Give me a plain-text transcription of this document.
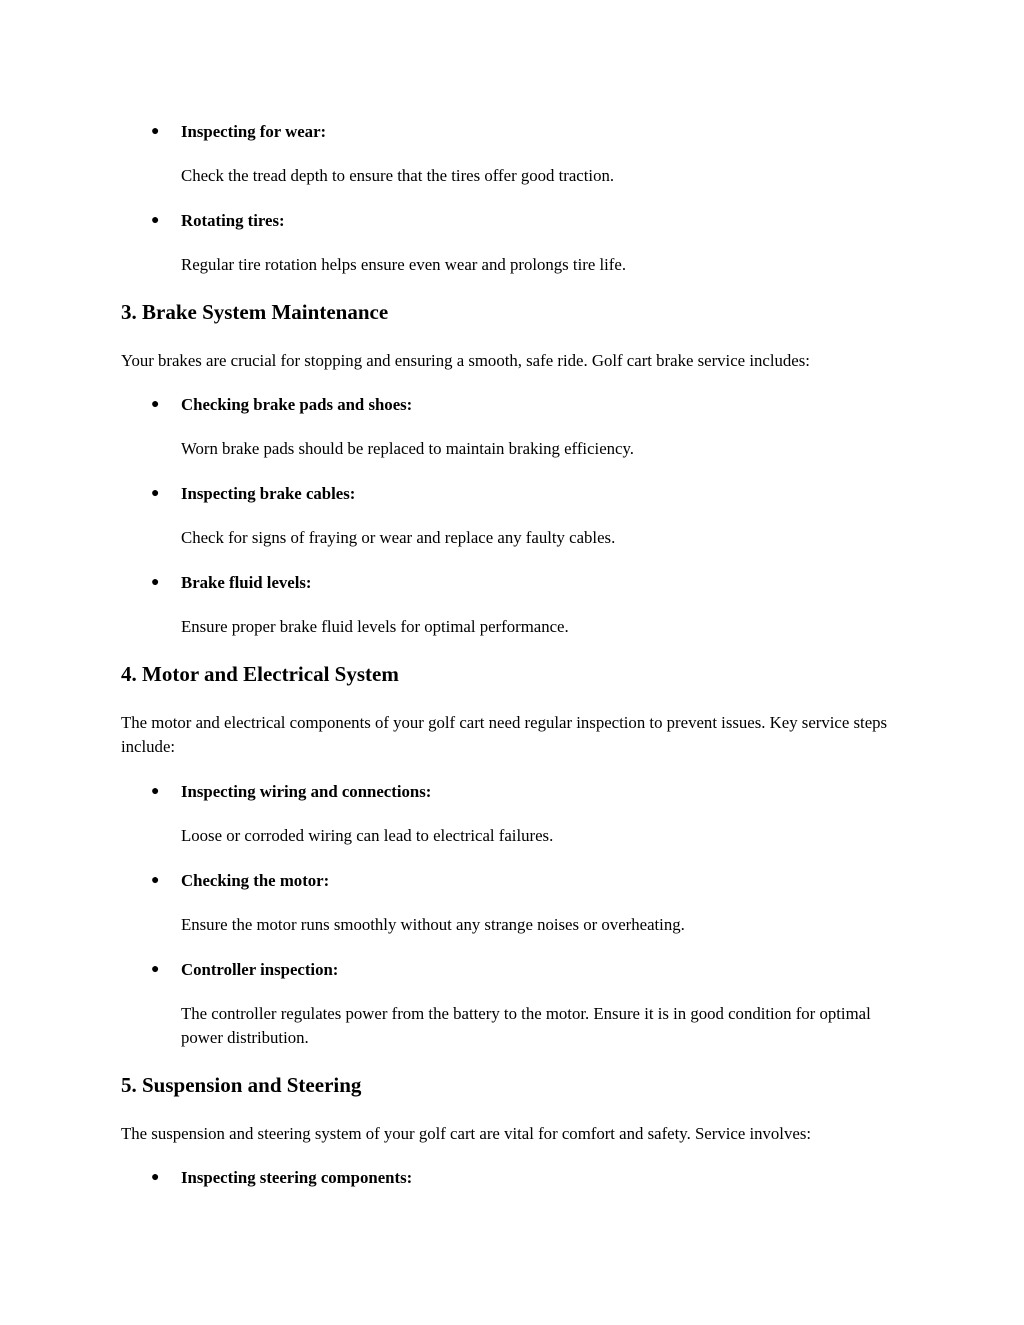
● Inspecting for wear:
Check the tread depth to ensure that the tires offer good traction.
● Rotating tires:
Regular tire rotation helps ensure even wear and prolongs tire life.
3. Brake System Maintenance

Your brakes are crucial for stopping and ensuring a smooth, safe ride. Golf cart brake service includes:

● Checking brake pads and shoes:
Worn brake pads should be replaced to maintain braking efficiency.
● Inspecting brake cables:
Check for signs of fraying or wear and replace any faulty cables.
● Brake fluid levels:
Ensure proper brake fluid levels for optimal performance.
4. Motor and Electrical System

The motor and electrical components of your golf cart need regular inspection to prevent issues. Key service steps include:

● Inspecting wiring and connections:
Loose or corroded wiring can lead to electrical failures.
● Checking the motor:
Ensure the motor runs smoothly without any strange noises or overheating.
● Controller inspection:
The controller regulates power from the battery to the motor. Ensure it is in good condition for optimal power distribution.
5. Suspension and Steering

The suspension and steering system of your golf cart are vital for comfort and safety. Service involves:

● Inspecting steering components:
